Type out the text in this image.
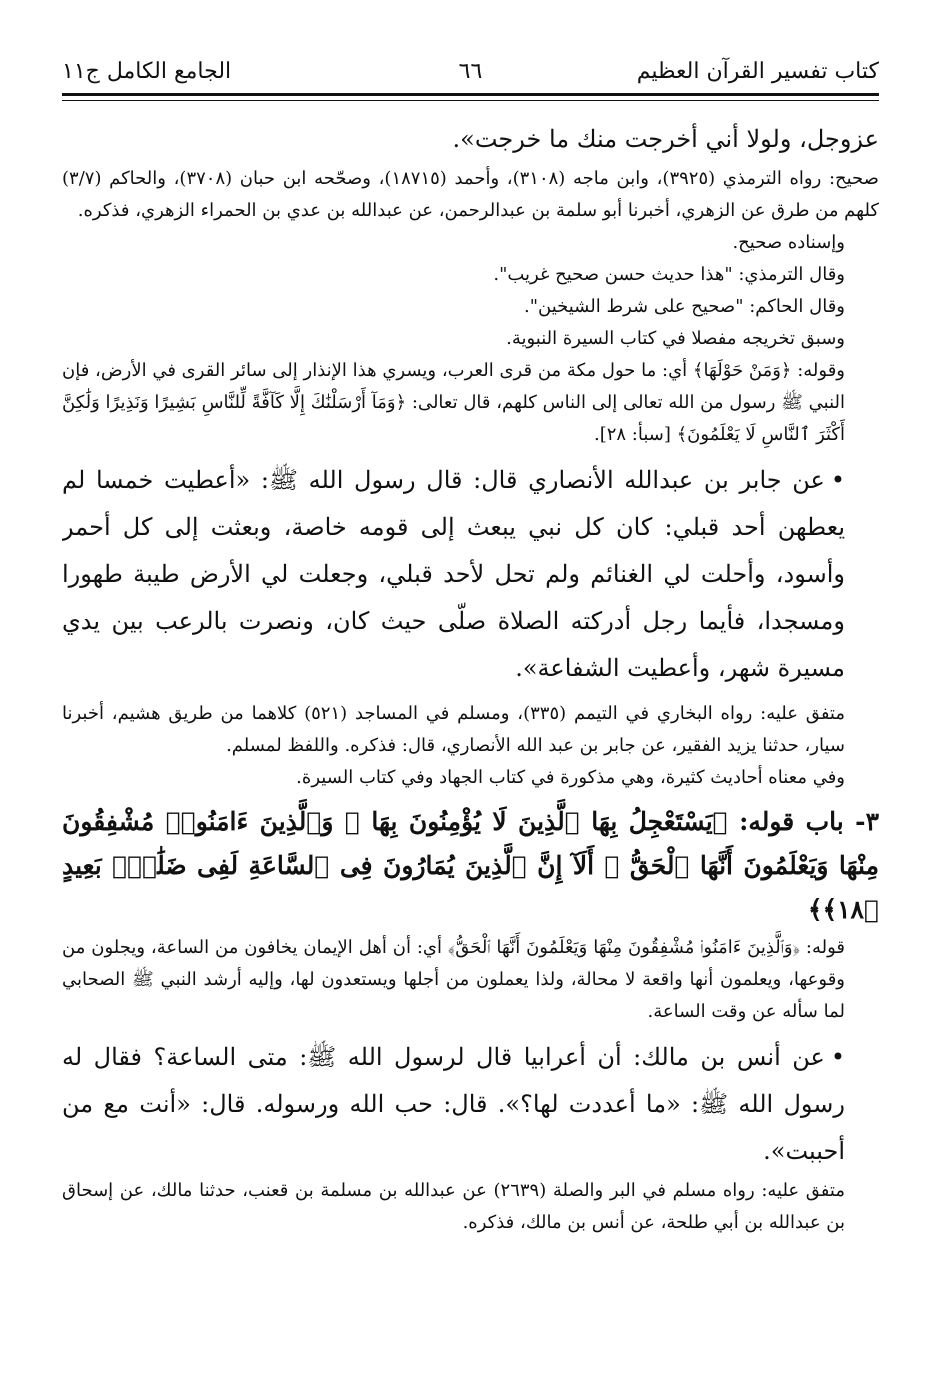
كتاب تفسير القرآن العظيم
٦٦
الجامع الكامل ج١١

عزوجل، ولولا أني أخرجت منك ما خرجت».

صحيح: رواه الترمذي (٣٩٢٥)، وابن ماجه (٣١٠٨)، وأحمد (١٨٧١٥)، وصحّحه ابن حبان (٣٧٠٨)، والحاكم (٣/٧) كلهم من طرق عن الزهري، أخبرنا أبو سلمة بن عبدالرحمن، عن عبدالله بن عدي بن الحمراء الزهري، فذكره.

وإسناده صحيح.

وقال الترمذي: "هذا حديث حسن صحيح غريب".

وقال الحاكم: "صحيح على شرط الشيخين".

وسبق تخريجه مفصلا في كتاب السيرة النبوية.

وقوله: ﴿وَمَنْ حَوْلَهَا﴾ أي: ما حول مكة من قرى العرب، ويسري هذا الإنذار إلى سائر القرى في الأرض، فإن النبي ﷺ رسول من الله تعالى إلى الناس كلهم، قال تعالى: ﴿وَمَآ أَرْسَلْنَٰكَ إِلَّا كَآفَّةً لِّلنَّاسِ بَشِيرًا وَنَذِيرًا وَلَٰكِنَّ أَكْثَرَ ٱلنَّاسِ لَا يَعْلَمُونَ﴾ [سبأ: ٢٨].

•عن جابر بن عبدالله الأنصاري قال: قال رسول الله ﷺ: «أعطيت خمسا لم يعطهن أحد قبلي: كان كل نبي يبعث إلى قومه خاصة، وبعثت إلى كل أحمر وأسود، وأحلت لي الغنائم ولم تحل لأحد قبلي، وجعلت لي الأرض طيبة طهورا ومسجدا، فأيما رجل أدركته الصلاة صلّى حيث كان، ونصرت بالرعب بين يدي مسيرة شهر، وأعطيت الشفاعة».

متفق عليه: رواه البخاري في التيمم (٣٣٥)، ومسلم في المساجد (٥٢١) كلاهما من طريق هشيم، أخبرنا سيار، حدثنا يزيد الفقير، عن جابر بن عبد الله الأنصاري، قال: فذكره. واللفظ لمسلم.

وفي معناه أحاديث كثيرة، وهي مذكورة في كتاب الجهاد وفي كتاب السيرة.

٣- باب قوله: ﴿يَسْتَعْجِلُ بِهَا ٱلَّذِينَ لَا يُؤْمِنُونَ بِهَا ۖ وَٱلَّذِينَ ءَامَنُوا۟ مُشْفِقُونَ مِنْهَا وَيَعْلَمُونَ أَنَّهَا ٱلْحَقُّ ۗ أَلَآ إِنَّ ٱلَّذِينَ يُمَارُونَ فِى ٱلسَّاعَةِ لَفِى ضَلَٰلٍۭ بَعِيدٍ ﴿١٨﴾﴾

قوله: ﴿وَٱلَّذِينَ ءَامَنُوا۟ مُشْفِقُونَ مِنْهَا وَيَعْلَمُونَ أَنَّهَا ٱلْحَقُّ﴾ أي: أن أهل الإيمان يخافون من الساعة، ويجلون من وقوعها، ويعلمون أنها واقعة لا محالة، ولذا يعملون من أجلها ويستعدون لها، وإليه أرشد النبي ﷺ الصحابي لما سأله عن وقت الساعة.

•عن أنس بن مالك: أن أعرابيا قال لرسول الله ﷺ: متى الساعة؟ فقال له رسول الله ﷺ: «ما أعددت لها؟». قال: حب الله ورسوله. قال: «أنت مع من أحببت».

متفق عليه: رواه مسلم في البر والصلة (٢٦٣٩) عن عبدالله بن مسلمة بن قعنب، حدثنا مالك، عن إسحاق بن عبدالله بن أبي طلحة، عن أنس بن مالك، فذكره.
